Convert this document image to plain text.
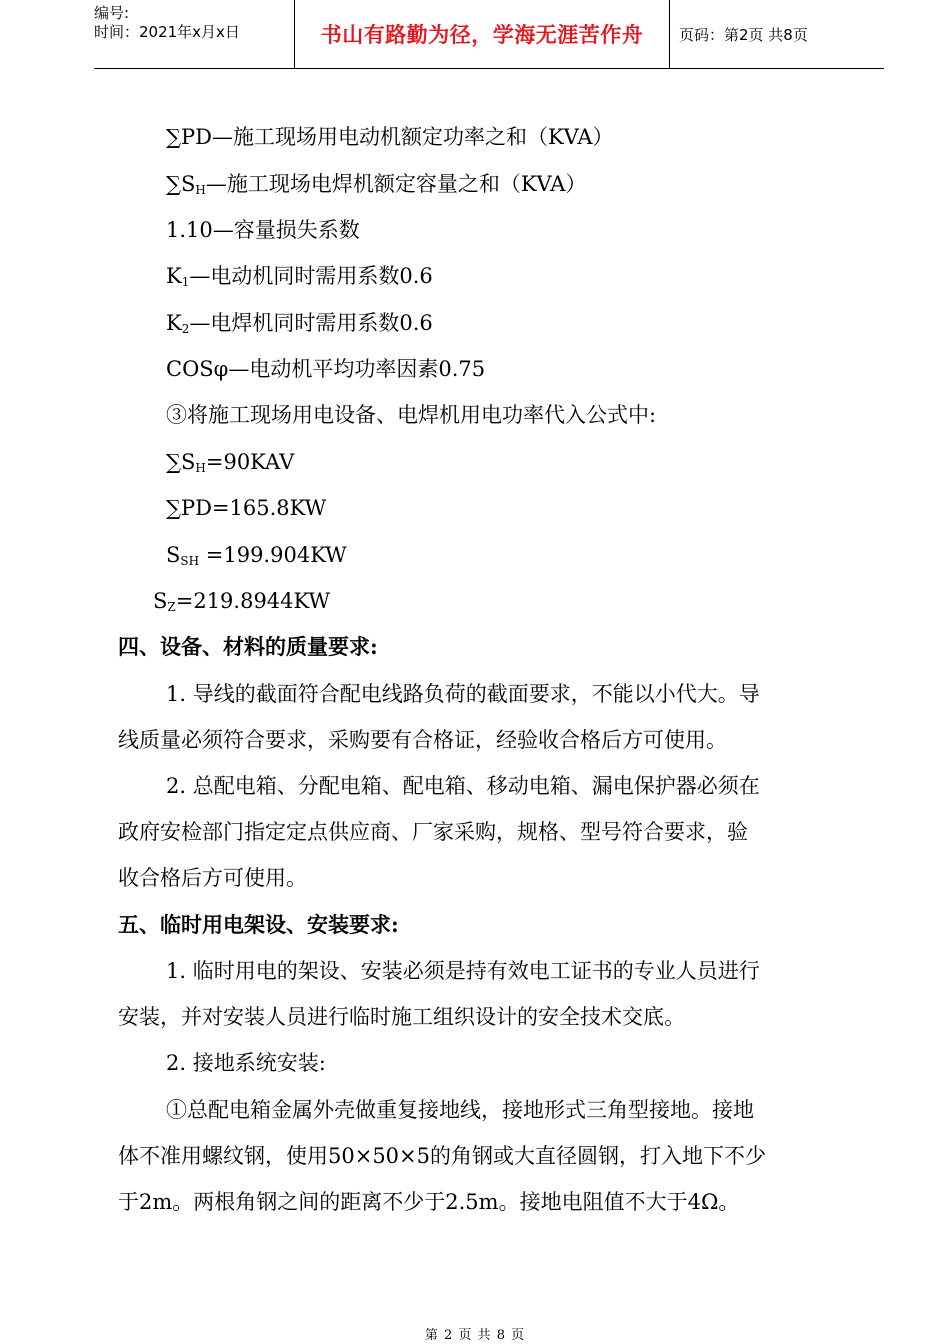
编号:
时间：2021年x月x日	书山有路勤为径，学海无涯苦作舟 页码：第2页 共8页
∑PD—施工现场用电动机额定功率之和（KVA）
$\sum S_H—$施工现场电焊机额定容量之和（KVA）
1.10—容量损失系数
$K_1—$电动机同时需用系数0.6
$K_2—$电焊机同时需用系数0.6
COSφ—电动机平均功率因素0.75
③将施工现场用电设备、电焊机用电功率代入公式中:
$\sum S_H=90KAV$
∑PD=165.8KW
$S_{SH} =199.904KW$
$S_Z=219.8944KW$
四、设备、材料的质量要求:
1. 导线的截面符合配电线路负荷的截面要求，不能以小代大。导
线质量必须符合要求，采购要有合格证，经验收合格后方可使用。
2. 总配电箱、分配电箱、配电箱、移动电箱、漏电保护器必须在
政府安检部门指定定点供应商、厂家采购，规格、型号符合要求，验
收合格后方可使用。
五、临时用电架设、安装要求:
1. 临时用电的架设、安装必须是持有效电工证书的专业人员进行
安装，并对安装人员进行临时施工组织设计的安全技术交底。
2. 接地系统安装:
①总配电箱金属外壳做重复接地线，接地形式三角型接地。接地
体不准用螺纹钢，使用50×50×5的角钢或大直径圆钢，打入地下不少
于2m。两根角钢之间的距离不少于2.5m。接地电阻值不大于4Ω。
第 2 页 共 8 页
